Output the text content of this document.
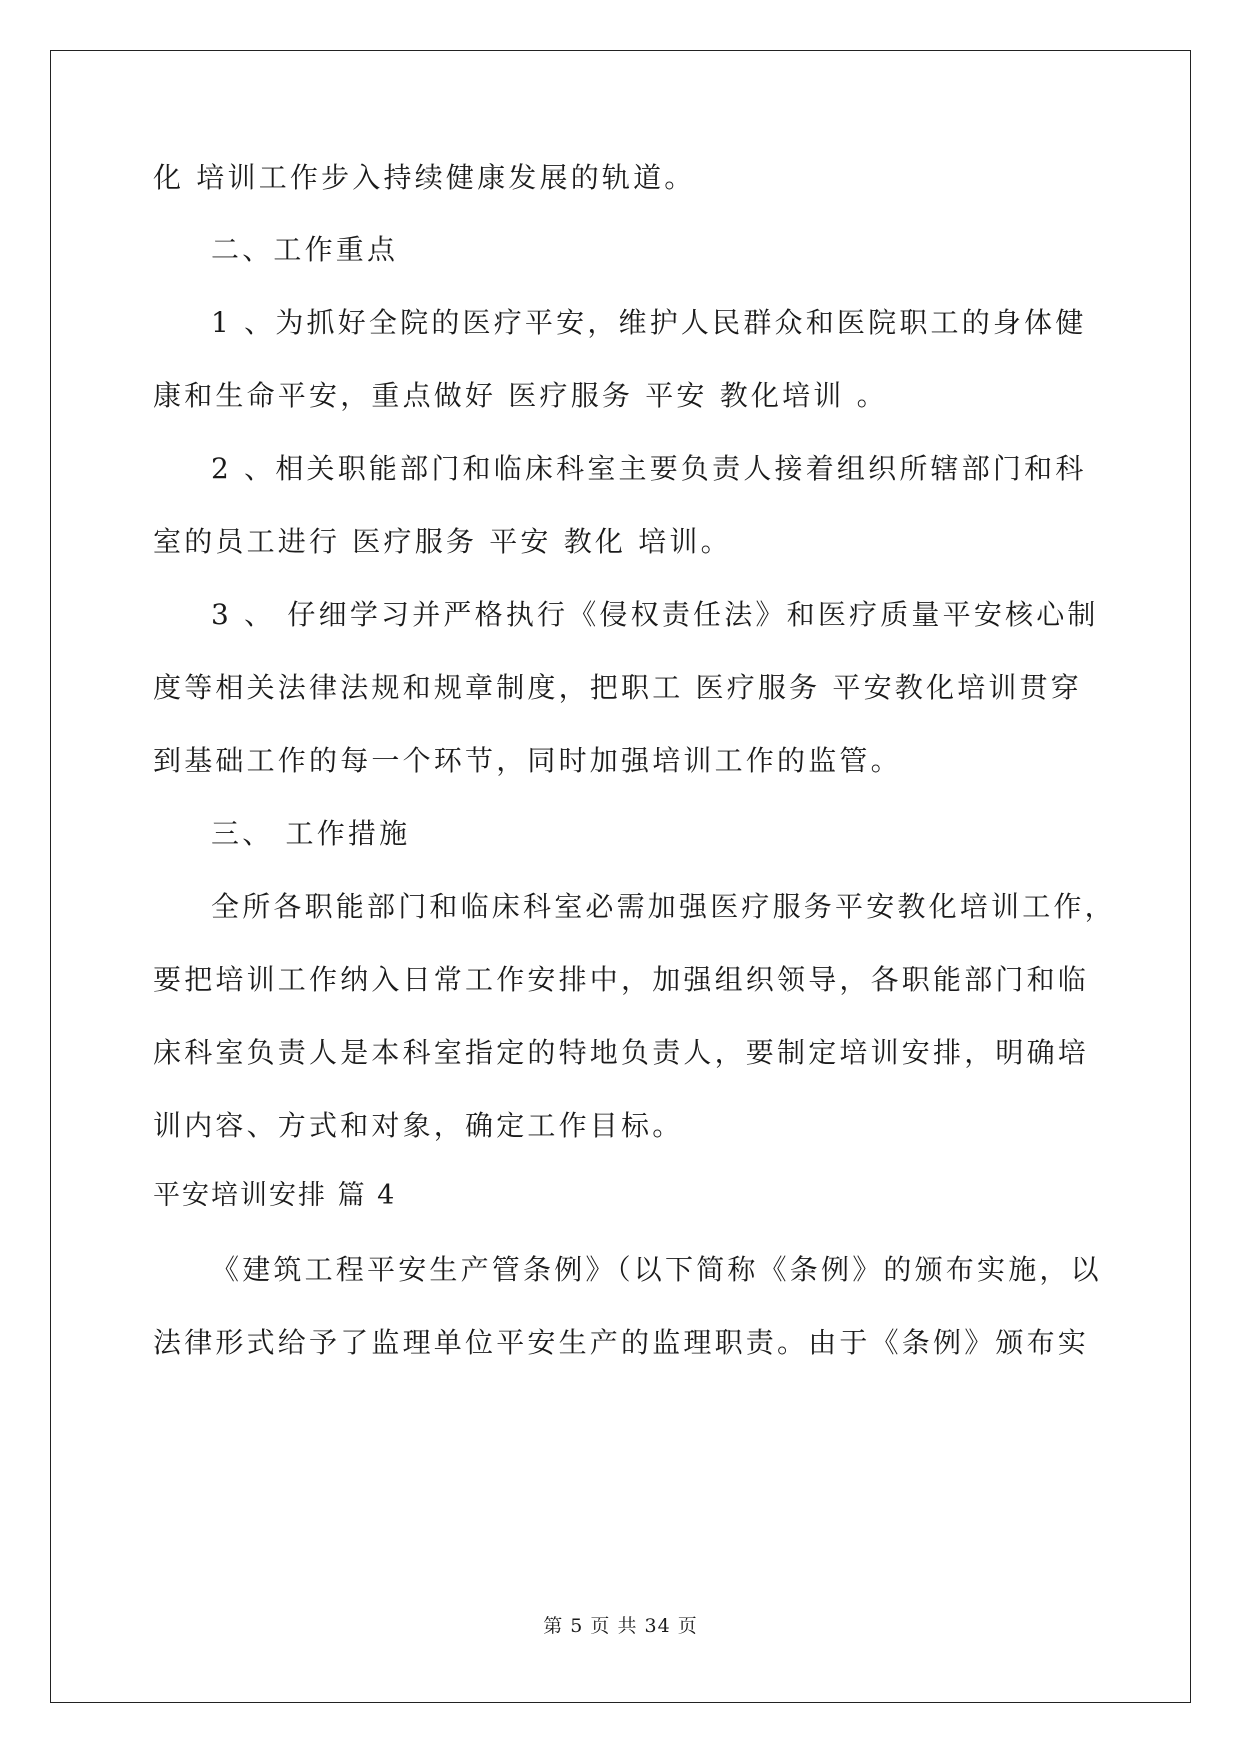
化 培训工作步入持续健康发展的轨道。
二、工作重点
1 、为抓好全院的医疗平安，维护人民群众和医院职工的身体健
康和生命平安，重点做好 医疗服务 平安 教化培训 。
2 、相关职能部门和临床科室主要负责人接着组织所辖部门和科
室的员工进行 医疗服务 平安 教化 培训。
3 、 仔细学习并严格执行《侵权责任法》和医疗质量平安核心制
度等相关法律法规和规章制度，把职工 医疗服务 平安教化培训贯穿
到基础工作的每一个环节，同时加强培训工作的监管。
三、 工作措施
全所各职能部门和临床科室必需加强医疗服务平安教化培训工作，
要把培训工作纳入日常工作安排中，加强组织领导，各职能部门和临
床科室负责人是本科室指定的特地负责人，要制定培训安排，明确培
训内容、方式和对象，确定工作目标。
平安培训安排 篇 4
《建筑工程平安生产管条例》（以下简称《条例》的颁布实施，以
法律形式给予了监理单位平安生产的监理职责。由于《条例》颁布实
第 5 页 共 34 页
